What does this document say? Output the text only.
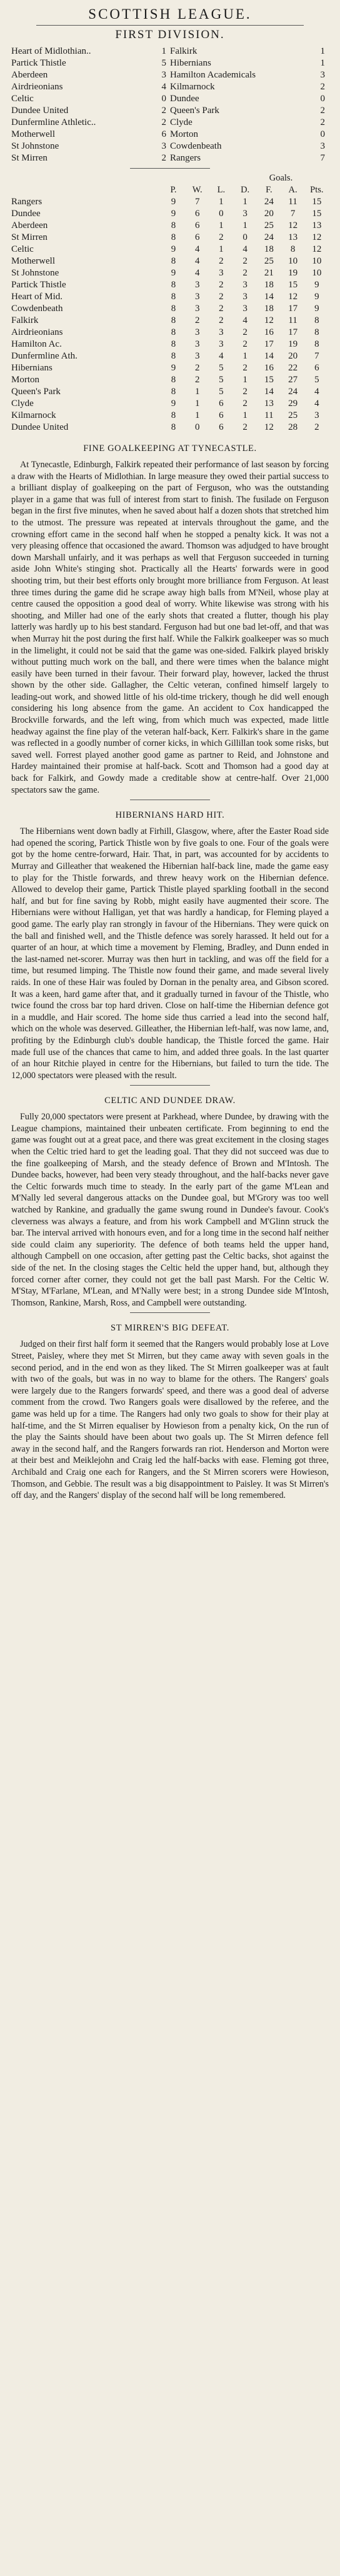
SCOTTISH LEAGUE.
FIRST DIVISION.
Heart of Midlothian..	1	Falkirk	1
Partick Thistle	5	Hibernians	1
Aberdeen	3	Hamilton Academicals	3
Airdrieonians	4	Kilmarnock	2
Celtic	0	Dundee	0
Dundee United	2	Queen's Park	2
Dunfermline Athletic..	2	Clyde	2
Motherwell	6	Morton	0
St Johnstone	3	Cowdenbeath	3
St Mirren	2	Rangers	7
					Goals.		
	P.	W.	L.	D.	F.	A.	Pts.
Rangers	9	7	1	1	24	11	15
Dundee	9	6	0	3	20	7	15
Aberdeen	8	6	1	1	25	12	13
St Mirren	8	6	2	0	24	13	12
Celtic	9	4	1	4	18	8	12
Motherwell	8	4	2	2	25	10	10
St Johnstone	9	4	3	2	21	19	10
Partick Thistle	8	3	2	3	18	15	9
Heart of Mid.	8	3	2	3	14	12	9
Cowdenbeath	8	3	2	3	18	17	9
Falkirk	8	2	2	4	12	11	8
Airdrieonians	8	3	3	2	16	17	8
Hamilton Ac.	8	3	3	2	17	19	8
Dunfermline Ath.	8	3	4	1	14	20	7
Hibernians	9	2	5	2	16	22	6
Morton	8	2	5	1	15	27	5
Queen's Park	8	1	5	2	14	24	4
Clyde	9	1	6	2	13	29	4
Kilmarnock	8	1	6	1	11	25	3
Dundee United	8	0	6	2	12	28	2
FINE GOALKEEPING AT TYNECASTLE.

At Tynecastle, Edinburgh, Falkirk repeated their performance of last season by forcing a draw with the Hearts of Midlothian. In large measure they owed their partial success to a brilliant display of goalkeeping on the part of Ferguson, who was the outstanding player in a game that was full of interest from start to finish. The fusilade on Ferguson began in the first five minutes, when he saved about half a dozen shots that stretched him to the utmost. The pressure was repeated at intervals throughout the game, and the crowning effort came in the second half when he stopped a penalty kick. It was not a very pleasing offence that occasioned the award. Thomson was adjudged to have brought down Marshall unfairly, and it was perhaps as well that Ferguson succeeded in turning aside John White's stinging shot. Practically all the Hearts' forwards were in good shooting trim, but their best efforts only brought more brilliance from Ferguson. At least three times during the game did he scrape away high balls from M'Neil, whose play at centre caused the opposition a good deal of worry. White likewise was strong with his shooting, and Miller had one of the early shots that created a flutter, though his play latterly was hardly up to his best standard. Ferguson had but one bad let-off, and that was when Murray hit the post during the first half. While the Falkirk goalkeeper was so much in the limelight, it could not be said that the game was one-sided. Falkirk played briskly without putting much work on the ball, and there were times when the balance might easily have been turned in their favour. Their forward play, however, lacked the thrust shown by the other side. Gallagher, the Celtic veteran, confined himself largely to leading-out work, and showed little of his old-time trickery, though he did well enough considering his long absence from the game. An accident to Cox handicapped the Brockville forwards, and the left wing, from which much was expected, made little headway against the fine play of the veteran half-back, Kerr. Falkirk's share in the game was reflected in a goodly number of corner kicks, in which Gillillan took some risks, but saved well. Forrest played another good game as partner to Reid, and Johnstone and Hardey maintained their promise at half-back. Scott and Thomson had a good day at back for Falkirk, and Gowdy made a creditable show at centre-half. Over 21,000 spectators saw the game.

HIBERNIANS HARD HIT.

The Hibernians went down badly at Firhill, Glasgow, where, after the Easter Road side had opened the scoring, Partick Thistle won by five goals to one. Four of the goals were got by the home centre-forward, Hair. That, in part, was accounted for by accidents to Murray and Gilleather that weakened the Hibernian half-back line, made the game easy to play for the Thistle forwards, and threw heavy work on the Hibernian defence. Allowed to develop their game, Partick Thistle played sparkling football in the second half, and but for fine saving by Robb, might easily have augmented their score. The Hibernians were without Halligan, yet that was hardly a handicap, for Fleming played a good game. The early play ran strongly in favour of the Hibernians. They were quick on the ball and finished well, and the Thistle defence was sorely harassed. It held out for a quarter of an hour, at which time a movement by Fleming, Bradley, and Dunn ended in the last-named net-scorer. Murray was then hurt in tackling, and was off the field for a time, but resumed limping. The Thistle now found their game, and made several lively raids. In one of these Hair was fouled by Dornan in the penalty area, and Gibson scored. It was a keen, hard game after that, and it gradually turned in favour of the Thistle, who twice found the cross bar top hard driven. Close on half-time the Hibernian defence got in a muddle, and Hair scored. The home side thus carried a lead into the second half, which on the whole was deserved. Gilleather, the Hibernian left-half, was now lame, and, profiting by the Edinburgh club's double handicap, the Thistle forced the game. Hair made full use of the chances that came to him, and added three goals. In the last quarter of an hour Ritchie played in centre for the Hibernians, but failed to turn the tide. The 12,000 spectators were pleased with the result.

CELTIC AND DUNDEE DRAW.

Fully 20,000 spectators were present at Parkhead, where Dundee, by drawing with the League champions, maintained their unbeaten certificate. From beginning to end the game was fought out at a great pace, and there was great excitement in the closing stages when the Celtic tried hard to get the leading goal. That they did not succeed was due to the fine goalkeeping of Marsh, and the steady defence of Brown and M'Intosh. The Dundee backs, however, had been very steady throughout, and the half-backs never gave the Celtic forwards much time to steady. In the early part of the game M'Lean and M'Nally led several dangerous attacks on the Dundee goal, but M'Grory was too well watched by Rankine, and gradually the game swung round in Dundee's favour. Cook's cleverness was always a feature, and from his work Campbell and M'Glinn struck the bar. The interval arrived with honours even, and for a long time in the second half neither side could claim any superiority. The defence of both teams held the upper hand, although Campbell on one occasion, after getting past the Celtic backs, shot against the side of the net. In the closing stages the Celtic held the upper hand, but, although they forced corner after corner, they could not get the ball past Marsh. For the Celtic W. M'Stay, M'Farlane, M'Lean, and M'Nally were best; in a strong Dundee side M'Intosh, Thomson, Rankine, Marsh, Ross, and Campbell were outstanding.

ST MIRREN'S BIG DEFEAT.

Judged on their first half form it seemed that the Rangers would probably lose at Love Street, Paisley, where they met St Mirren, but they came away with seven goals in the second period, and in the end won as they liked. The St Mirren goalkeeper was at fault with two of the goals, but was in no way to blame for the others. The Rangers' goals were largely due to the Rangers forwards' speed, and there was a good deal of adverse comment from the crowd. Two Rangers goals were disallowed by the referee, and the game was held up for a time. The Rangers had only two goals to show for their play at half-time, and the St Mirren equaliser by Howieson from a penalty kick, On the run of the play the Saints should have been about two goals up. The St Mirren defence fell away in the second half, and the Rangers forwards ran riot. Henderson and Morton were at their best and Meiklejohn and Craig led the half-backs with ease. Fleming got three, Archibald and Craig one each for Rangers, and the St Mirren scorers were Howieson, Thomson, and Gebbie. The result was a big disappointment to Paisley. It was St Mirren's off day, and the Rangers' display of the second half will be long remembered.
